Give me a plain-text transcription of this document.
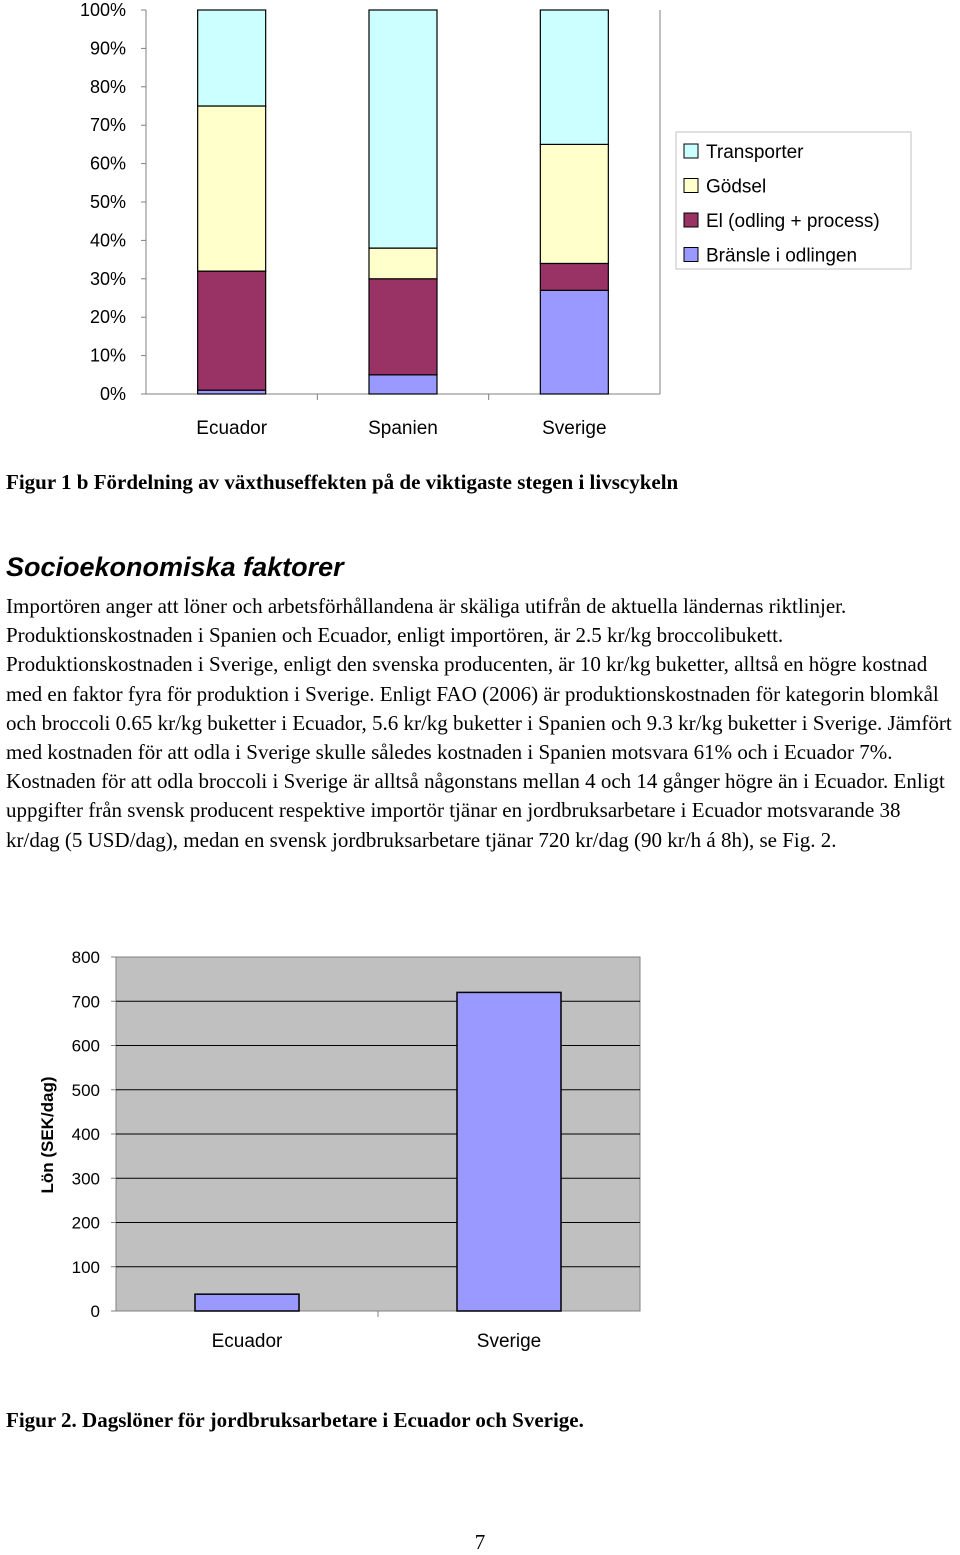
0%
10%
20%
30%
40%
50%
60%
70%
80%
90%
100%
Ecuador	Spanien	Sverige
Transporter
Gödsel
El (odling + process)
Bränsle i odlingen

Figur 1 b Fördelning av växthuseffekten på de viktigaste stegen i livscykeln

Socioekonomiska faktorer

Importören anger att löner och arbetsförhållandena är skäliga utifrån de aktuella ländernas riktlinjer. Produktionskostnaden i Spanien och Ecuador, enligt importören, är 2.5 kr/kg broccolibukett. Produktionskostnaden i Sverige, enligt den svenska producenten, är 10 kr/kg buketter, alltså en högre kostnad med en faktor fyra för produktion i Sverige. Enligt FAO (2006) är produktionskostnaden för kategorin blomkål och broccoli 0.65 kr/kg buketter i Ecuador, 5.6 kr/kg buketter i Spanien och 9.3 kr/kg buketter i Sverige. Jämfört med kostnaden för att odla i Sverige skulle således kostnaden i Spanien motsvara 61% och i Ecuador 7%. Kostnaden för att odla broccoli i Sverige är alltså någonstans mellan 4 och 14 gånger högre än i Ecuador. Enligt uppgifter från svensk producent respektive importör tjänar en jordbruksarbetare i Ecuador motsvarande 38 kr/dag (5 USD/dag), medan en svensk jordbruksarbetare tjänar 720 kr/dag (90 kr/h á 8h), se Fig. 2.

0
100
200
300
400
500
600
700
800
Ecuador	Sverige
Lön (SEK/dag)

Figur 2. Dagslöner för jordbruksarbetare i Ecuador och Sverige.

7
